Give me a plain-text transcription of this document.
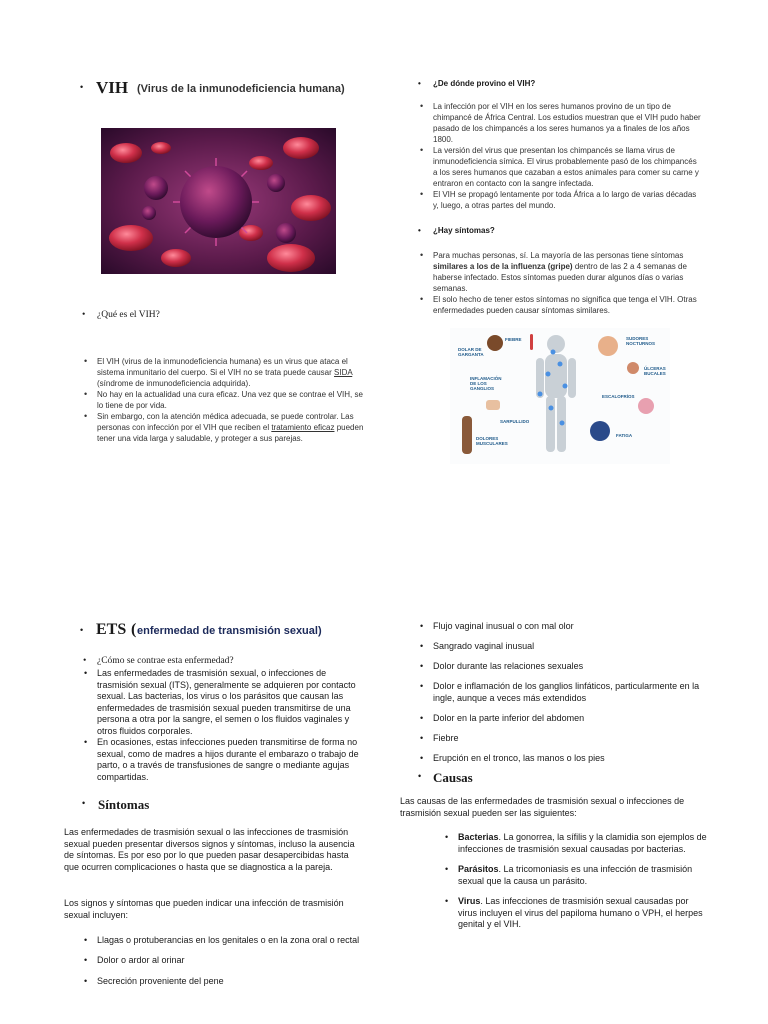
• VIH (Virus de la inmunodeficiencia humana)
• ¿Qué es el VIH?
• El VIH (virus de la inmunodeficiencia humana) es un virus que ataca el sistema inmunitario del cuerpo. Si el VIH no se trata puede causar SIDA (síndrome de inmunodeficiencia adquirida).
• No hay en la actualidad una cura eficaz. Una vez que se contrae el VIH, se lo tiene de por vida.
• Sin embargo, con la atención médica adecuada, se puede controlar. Las personas con infección por el VIH que reciben el tratamiento eficaz pueden tener una vida larga y saludable, y proteger a sus parejas.
• ¿De dónde provino el VIH?
• La infección por el VIH en los seres humanos provino de un tipo de chimpancé de África Central. Los estudios muestran que el VIH pudo haber pasado de los chimpancés a los seres humanos ya a finales de los años 1800.
• La versión del virus que presentan los chimpancés se llama virus de inmunodeficiencia símica. El virus probablemente pasó de los chimpancés a los seres humanos que cazaban a estos animales para comer su carne y entraron en contacto con la sangre infectada.
• El VIH se propagó lentamente por toda África a lo largo de varias décadas y, luego, a otras partes del mundo.
• ¿Hay síntomas?
• Para muchas personas, sí. La mayoría de las personas tiene síntomas similares a los de la influenza (gripe) dentro de las 2 a 4 semanas de haberse infectado. Estos síntomas pueden durar algunos días o varias semanas.
• El solo hecho de tener estos síntomas no significa que tenga el VIH. Otras enfermedades pueden causar síntomas similares.
FIEBRE
DOLAR DE GARGANTA
INFLAMACIÓN DE LOS GANGLIOS
SARPULLIDO
DOLORES MUSCULARES
SUDORES NOCTURNOS
ÚLCERAS BUCALES
ESCALOFRÍOS
FATIGA
• ETS ( enfermedad de transmisión sexual)
• ¿Cómo se contrae esta enfermedad?
• Las enfermedades de trasmisión sexual, o infecciones de trasmisión sexual (ITS), generalmente se adquieren por contacto sexual. Las bacterias, los virus o los parásitos que causan las enfermedades de trasmisión sexual pueden transmitirse de una persona a otra por la sangre, el semen o los fluidos vaginales y otros fluidos corporales.
• En ocasiones, estas infecciones pueden transmitirse de forma no sexual, como de madres a hijos durante el embarazo o trabajo de parto, o a través de transfusiones de sangre o mediante agujas compartidas.
• Síntomas

Las enfermedades de trasmisión sexual o las infecciones de trasmisión sexual pueden presentar diversos signos y síntomas, incluso la ausencia de síntomas. Es por eso por lo que pueden pasar desapercibidas hasta que ocurren complicaciones o hasta que se diagnostica a la pareja.

Los signos y síntomas que pueden indicar una infección de trasmisión sexual incluyen:

• Llagas o protuberancias en los genitales o en la zona oral o rectal
• Dolor o ardor al orinar
• Secreción proveniente del pene
• Flujo vaginal inusual o con mal olor
• Sangrado vaginal inusual
• Dolor durante las relaciones sexuales
• Dolor e inflamación de los ganglios linfáticos, particularmente en la ingle, aunque a veces más extendidos
• Dolor en la parte inferior del abdomen
• Fiebre
• Erupción en el tronco, las manos o los pies
• Causas

Las causas de las enfermedades de trasmisión sexual o infecciones de trasmisión sexual pueden ser las siguientes:

• Bacterias. La gonorrea, la sífilis y la clamidia son ejemplos de infecciones de trasmisión sexual causadas por bacterias.
• Parásitos. La tricomoniasis es una infección de trasmisión sexual que la causa un parásito.
• Virus. Las infecciones de trasmisión sexual causadas por virus incluyen el virus del papiloma humano o VPH, el herpes genital y el VIH.
